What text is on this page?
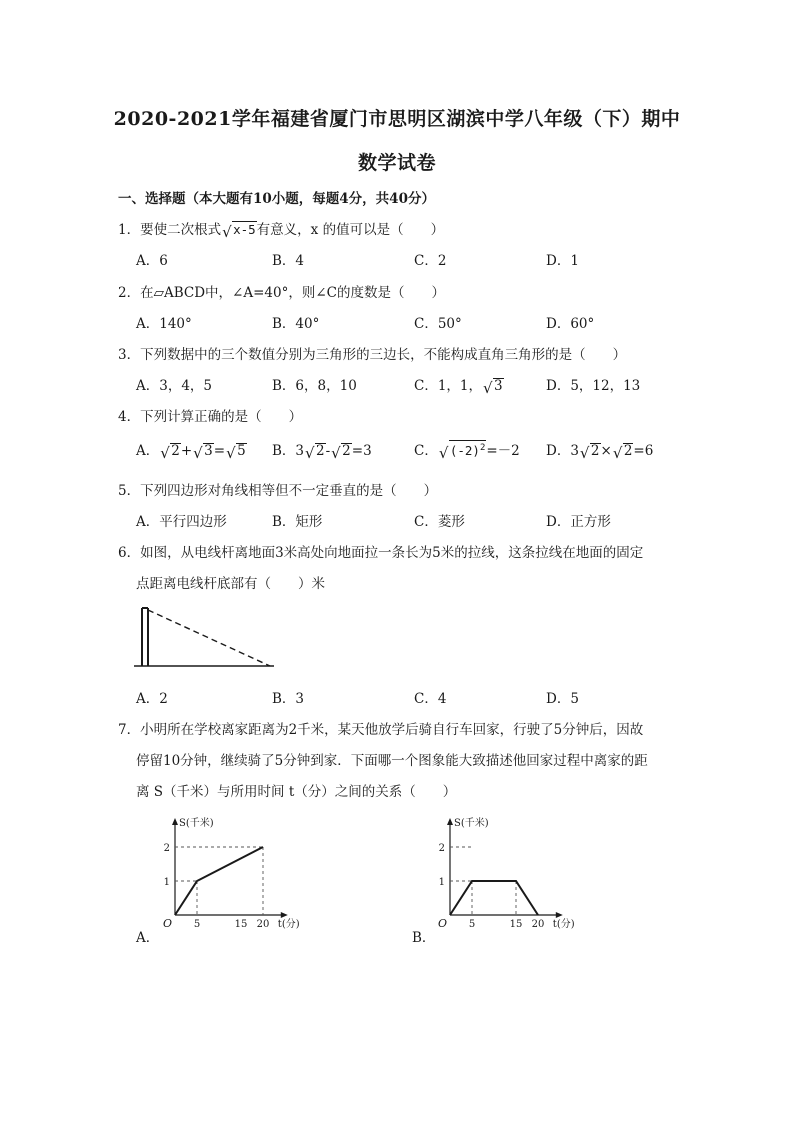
2020-2021学年福建省厦门市思明区湖滨中学八年级（下）期中
数学试卷
一、选择题（本大题有10小题，每题4分，共40分）
1．要使二次根式 √ x-5有意义，x 的值可以是（　　）
A．6	B．4	C．2	D．1
2．在▱ABCD中，∠A=40°，则∠C的度数是（　　）
A．140°	B．40°	C．50°	D．60°
3．下列数据中的三个数值分别为三角形的三边长，不能构成直角三角形的是（　　）
A．3，4，5	B．6，8，10	C．1，1， √ 3	D．5，12，13
4．下列计算正确的是（　　）
A． √ 2+ √ 3= √ 5 B．3 √ 2- √ 2=3	C． √ $(-2)^2=-2$ D．3 √ 2× √ 2=6
5．下列四边形对角线相等但不一定垂直的是（　　）
A．平行四边形	B．矩形	C．菱形	D．正方形
6．如图，从电线杆离地面3米高处向地面拉一条长为5米的拉线，这条拉线在地面的固定
点距离电线杆底部有（　　）米
A．2	B．3	C．4	D．5
7．小明所在学校离家距离为2千米，某天他放学后骑自行车回家，行驶了5分钟后，因故
停留10分钟，继续骑了5分钟到家．下面哪一个图象能大致描述他回家过程中离家的距
离 S（千米）与所用时间 t（分）之间的关系（　　）
5	15 20
1
2
O
S(千米)
t(分)
A．
5	15 20
1
2
O
S(千米)
t(分)
B．
